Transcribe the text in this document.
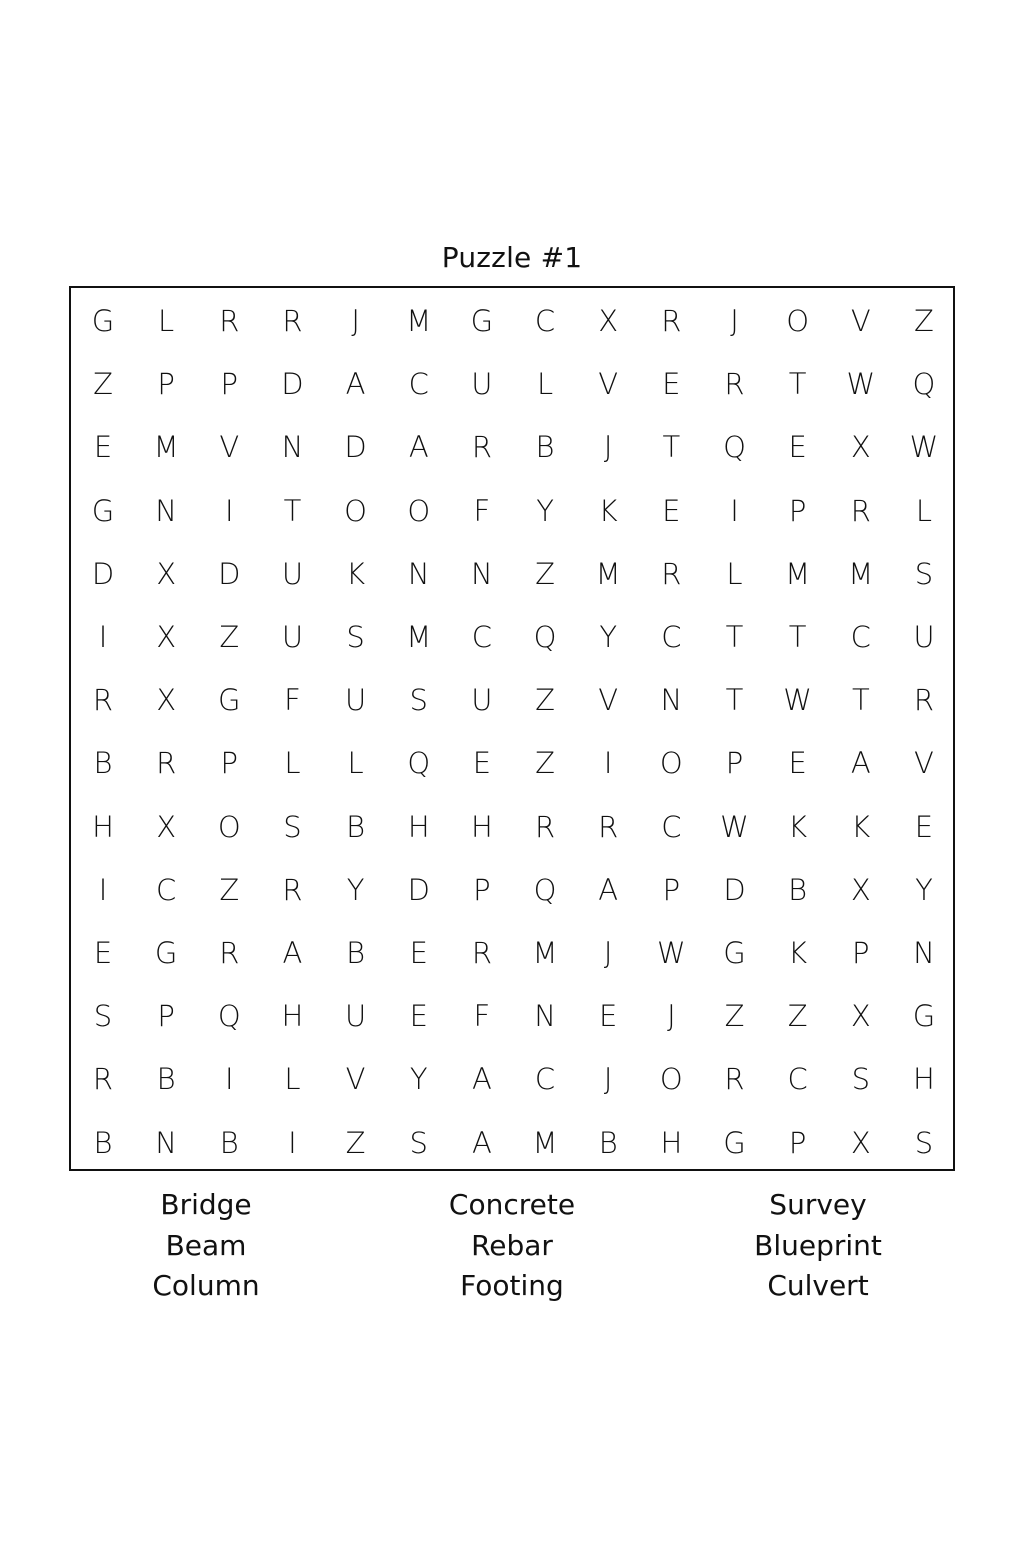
Puzzle #1
G	L	R	R	J	M	G	C	X	R	J	O	V	Z
Z	P	P	D	A	C	U	L	V	E	R	T	W	Q
E	M	V	N	D	A	R	B	J	T	Q	E	X	W
G	N	I	T	O	O	F	Y	K	E	I	P	R	L
D	X	D	U	K	N	N	Z	M	R	L	M	M	S
I	X	Z	U	S	M	C	Q	Y	C	T	T	C	U
R	X	G	F	U	S	U	Z	V	N	T	W	T	R
B	R	P	L	L	Q	E	Z	I	O	P	E	A	V
H	X	O	S	B	H	H	R	R	C	W	K	K	E
I	C	Z	R	Y	D	P	Q	A	P	D	B	X	Y
E	G	R	A	B	E	R	M	J	W	G	K	P	N
S	P	Q	H	U	E	F	N	E	J	Z	Z	X	G
R	B	I	L	V	Y	A	C	J	O	R	C	S	H
B	N	B	I	Z	S	A	M	B	H	G	P	X	S
Bridge
Beam
Column
Concrete
Rebar
Footing
Survey
Blueprint
Culvert
